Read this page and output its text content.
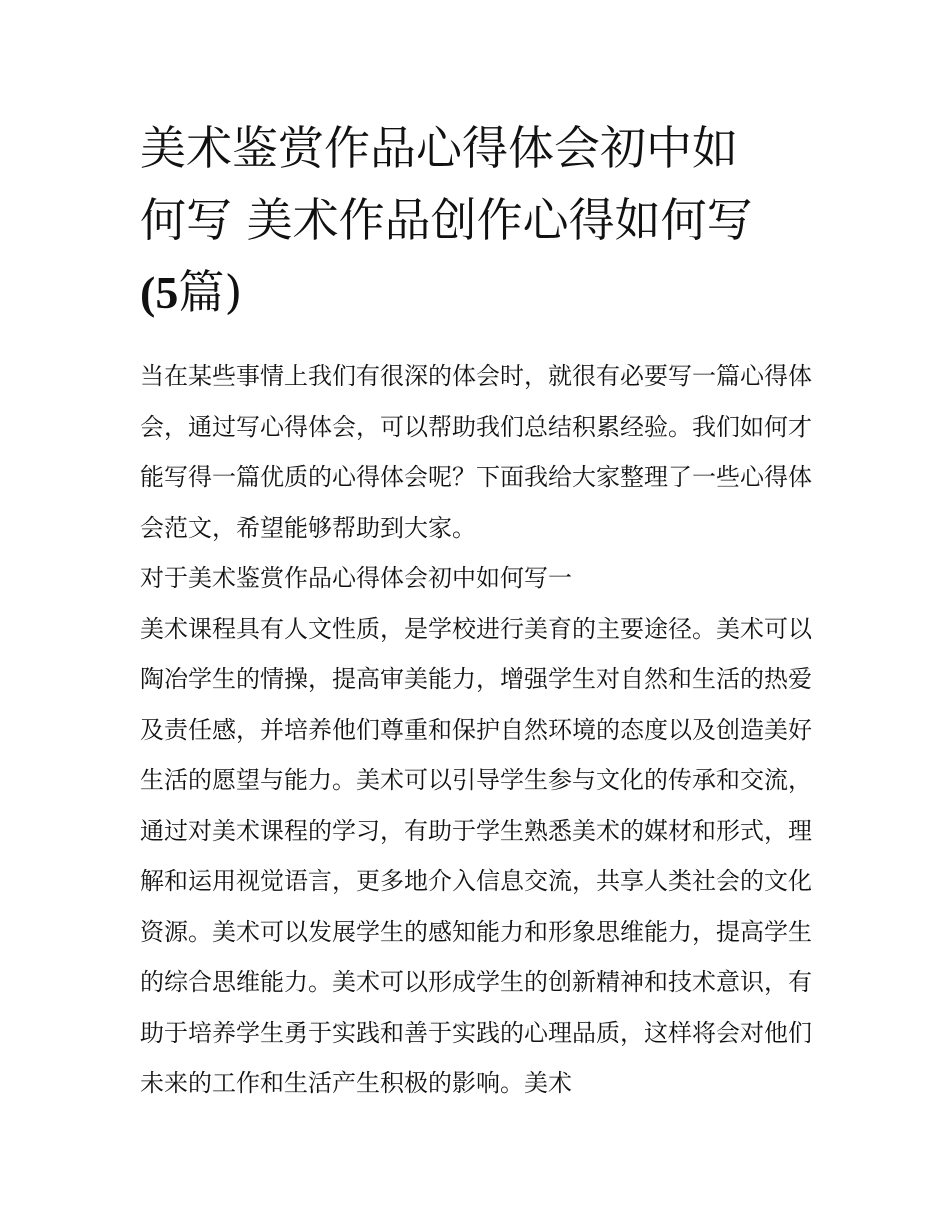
美术鉴赏作品心得体会初中如
何写 美术作品创作心得如何写
(5篇)

当在某些事情上我们有很深的体会时，就很有必要写一篇心得体会，通过写心得体会，可以帮助我们总结积累经验。我们如何才能写得一篇优质的心得体会呢？下面我给大家整理了一些心得体会范文，希望能够帮助到大家。

对于美术鉴赏作品心得体会初中如何写一

美术课程具有人文性质，是学校进行美育的主要途径。美术可以陶冶学生的情操，提高审美能力，增强学生对自然和生活的热爱及责任感，并培养他们尊重和保护自然环境的态度以及创造美好生活的愿望与能力。美术可以引导学生参与文化的传承和交流，通过对美术课程的学习，有助于学生熟悉美术的媒材和形式，理解和运用视觉语言，更多地介入信息交流，共享人类社会的文化资源。美术可以发展学生的感知能力和形象思维能力，提高学生的综合思维能力。美术可以形成学生的创新精神和技术意识，有助于培养学生勇于实践和善于实践的心理品质，这样将会对他们未来的工作和生活产生积极的影响。美术
